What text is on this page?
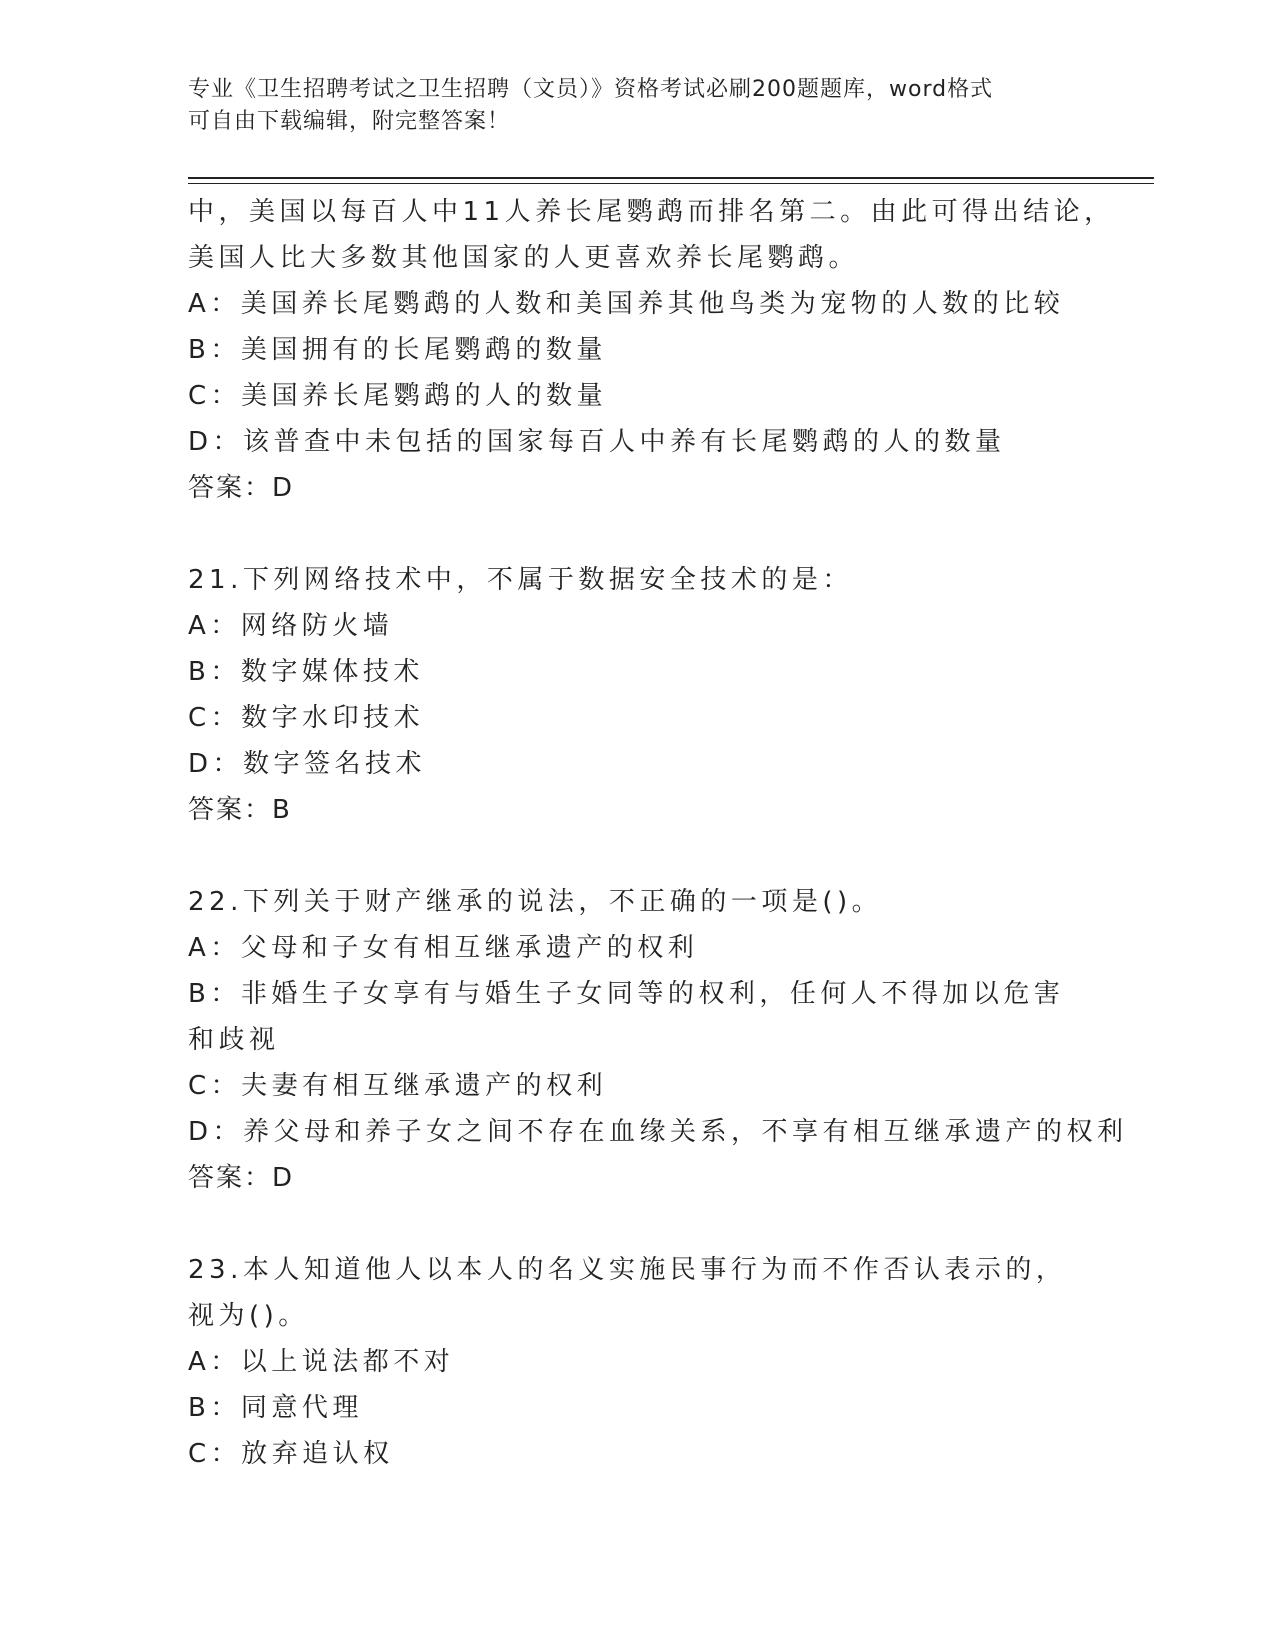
专业《卫生招聘考试之卫生招聘（文员）》资格考试必刷200题题库，word格式
可自由下载编辑，附完整答案！
中，美国以每百人中11人养长尾鹦鹉而排名第二。由此可得出结论，
美国人比大多数其他国家的人更喜欢养长尾鹦鹉。
A：美国养长尾鹦鹉的人数和美国养其他鸟类为宠物的人数的比较
B：美国拥有的长尾鹦鹉的数量
C：美国养长尾鹦鹉的人的数量
D：该普查中未包括的国家每百人中养有长尾鹦鹉的人的数量
答案：D
21.下列网络技术中，不属于数据安全技术的是：
A：网络防火墙
B：数字媒体技术
C：数字水印技术
D：数字签名技术
答案：B
22.下列关于财产继承的说法，不正确的一项是()。
A：父母和子女有相互继承遗产的权利
B：非婚生子女享有与婚生子女同等的权利，任何人不得加以危害和歧视
C：夫妻有相互继承遗产的权利
D：养父母和养子女之间不存在血缘关系，不享有相互继承遗产的权利
答案：D
23.本人知道他人以本人的名义实施民事行为而不作否认表示的，视为()。
A：以上说法都不对
B：同意代理
C：放弃追认权
